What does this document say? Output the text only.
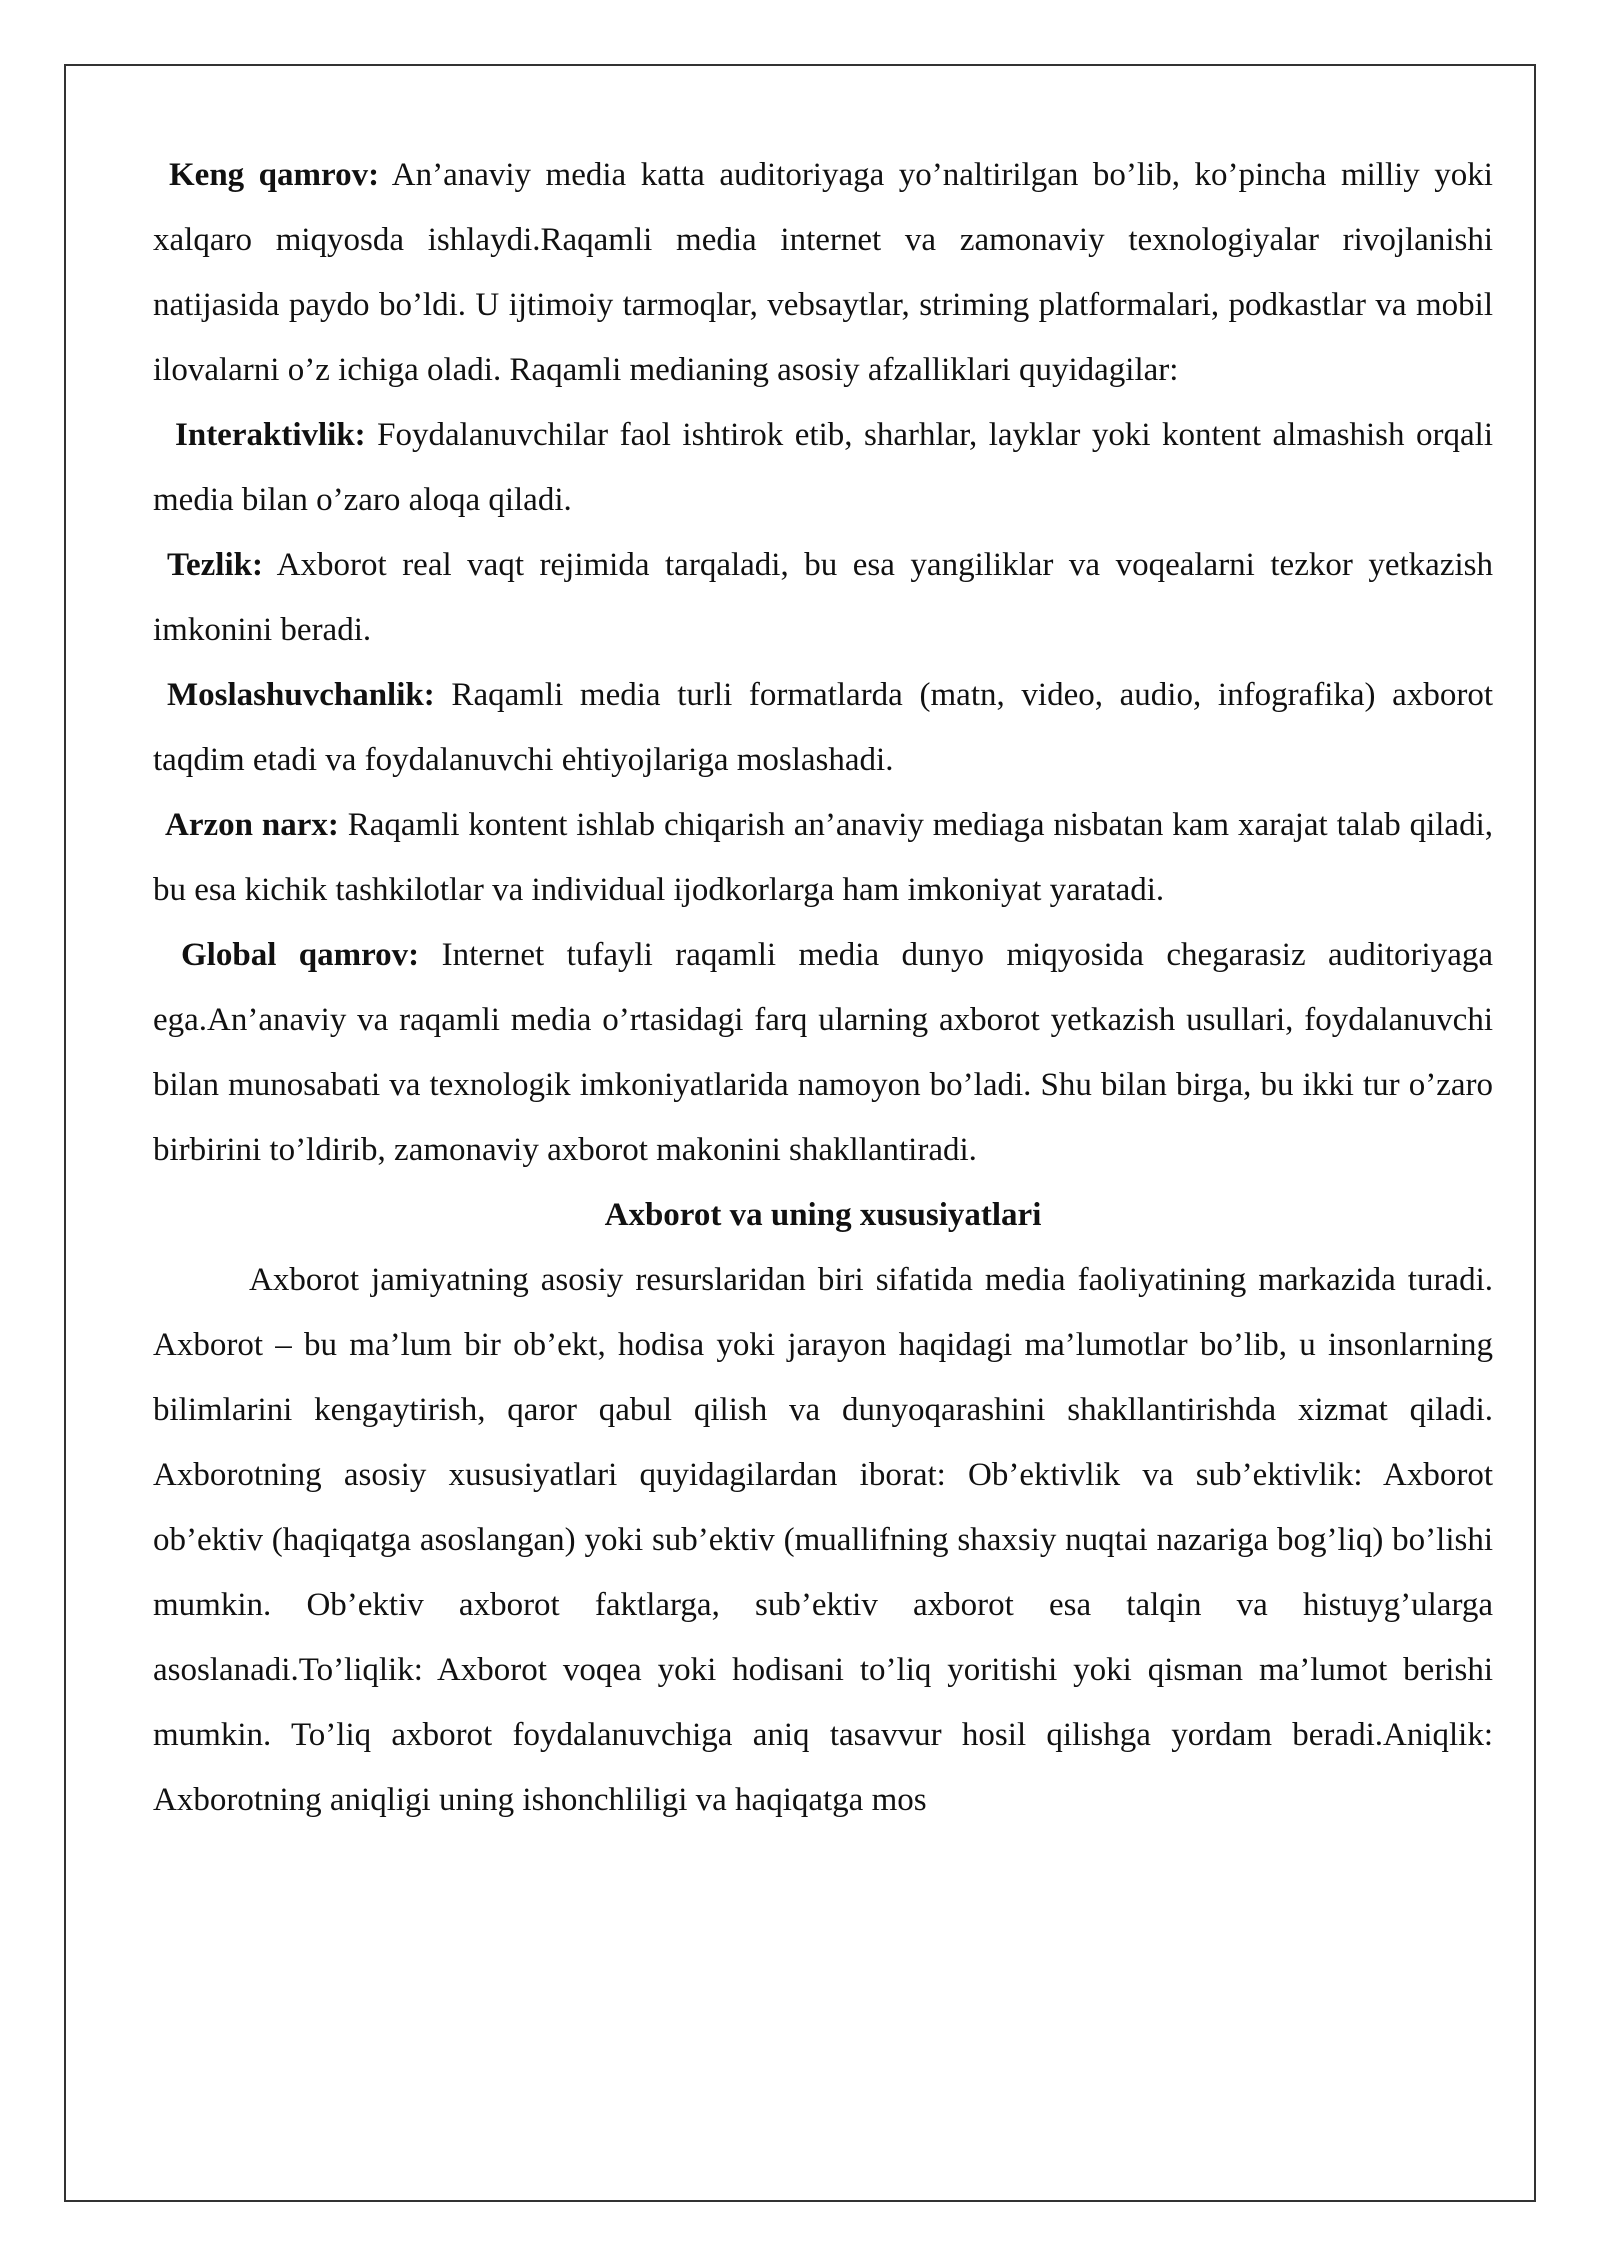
Keng qamrov: An’anaviy media katta auditoriyaga yo’naltirilgan bo’lib, ko’pincha milliy yoki xalqaro miqyosda ishlaydi.Raqamli media internet va zamonaviy texnologiyalar rivojlanishi natijasida paydo bo’ldi. U ijtimoiy tarmoqlar, vebsaytlar, striming platformalari, podkastlar va mobil ilovalarni o’z ichiga oladi. Raqamli medianing asosiy afzalliklari quyidagilar:

Interaktivlik: Foydalanuvchilar faol ishtirok etib, sharhlar, layklar yoki kontent almashish orqali media bilan o’zaro aloqa qiladi.

Tezlik: Axborot real vaqt rejimida tarqaladi, bu esa yangiliklar va voqealarni tezkor yetkazish imkonini beradi.

Moslashuvchanlik: Raqamli media turli formatlarda (matn, video, audio, infografika) axborot taqdim etadi va foydalanuvchi ehtiyojlariga moslashadi.

Arzon narx: Raqamli kontent ishlab chiqarish an’anaviy mediaga nisbatan kam xarajat talab qiladi, bu esa kichik tashkilotlar va individual ijodkorlarga ham imkoniyat yaratadi.

Global qamrov: Internet tufayli raqamli media dunyo miqyosida chegarasiz auditoriyaga ega.An’anaviy va raqamli media o’rtasidagi farq ularning axborot yetkazish usullari, foydalanuvchi bilan munosabati va texnologik imkoniyatlarida namoyon bo’ladi. Shu bilan birga, bu ikki tur o’zaro birbirini to’ldirib, zamonaviy axborot makonini shakllantiradi.

Axborot va uning xususiyatlari

Axborot jamiyatning asosiy resurslaridan biri sifatida media faoliyatining markazida turadi. Axborot – bu ma’lum bir ob’ekt, hodisa yoki jarayon haqidagi ma’lumotlar bo’lib, u insonlarning bilimlarini kengaytirish, qaror qabul qilish va dunyoqarashini shakllantirishda xizmat qiladi. Axborotning asosiy xususiyatlari quyidagilardan iborat: Ob’ektivlik va sub’ektivlik: Axborot ob’ektiv (haqiqatga asoslangan) yoki sub’ektiv (muallifning shaxsiy nuqtai nazariga bog’liq) bo’lishi mumkin. Ob’ektiv axborot faktlarga, sub’ektiv axborot esa talqin va histuyg’ularga asoslanadi.To’liqlik: Axborot voqea yoki hodisani to’liq yoritishi yoki qisman ma’lumot berishi mumkin. To’liq axborot foydalanuvchiga aniq tasavvur hosil qilishga yordam beradi.Aniqlik: Axborotning aniqligi uning ishonchliligi va haqiqatga mos
